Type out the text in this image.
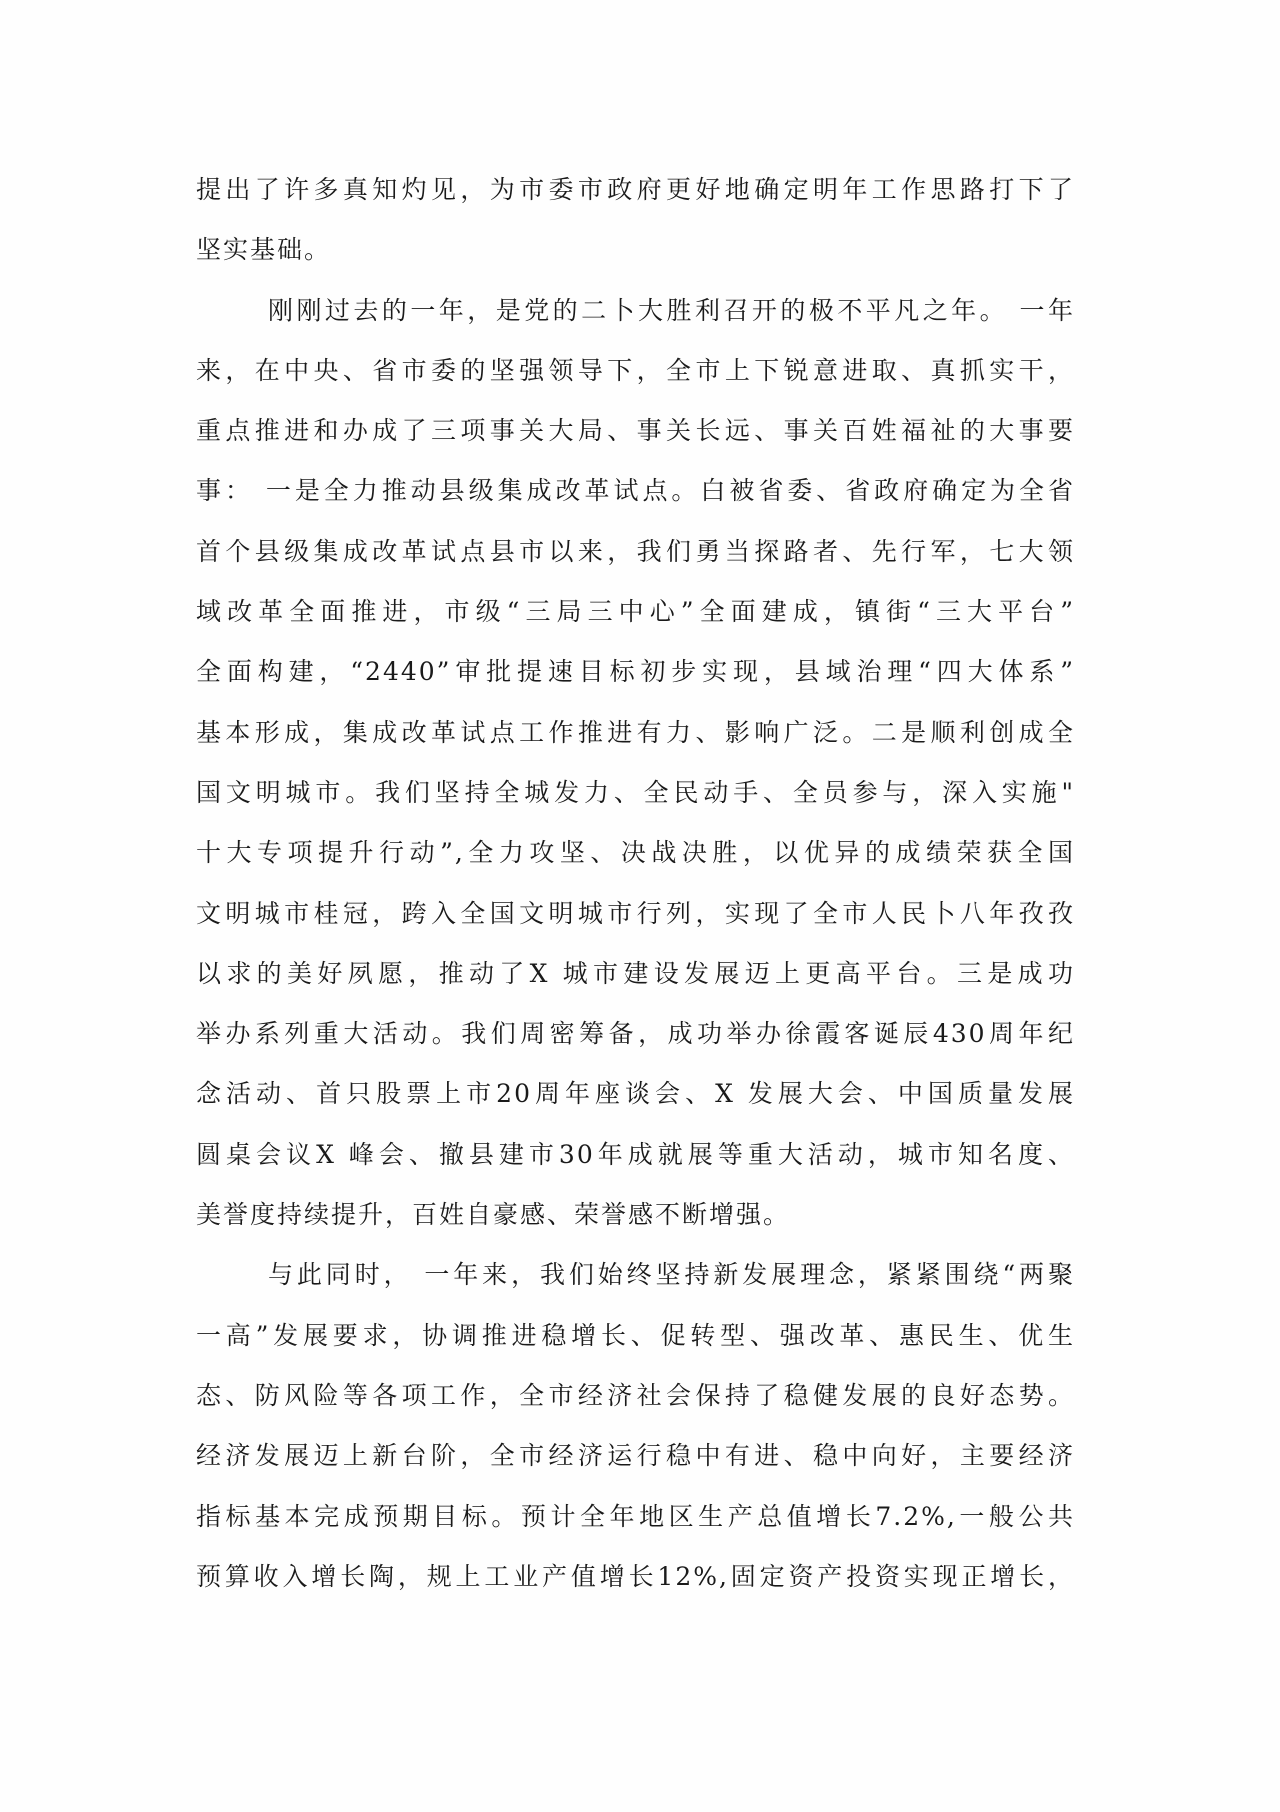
提出了许多真知灼见，为市委市政府更好地确定明年工作思路打下了
坚实基础。
刚刚过去的一年，是党的二卜大胜利召开的极不平凡之年。 一年
来，在中央、省市委的坚强领导下，全市上下锐意进取、真抓实干，
重点推进和办成了三项事关大局、事关长远、事关百姓福祉的大事要
事： 一是全力推动县级集成改革试点。白被省委、省政府确定为全省
首个县级集成改革试点县市以来，我们勇当探路者、先行军，七大领
域改革全面推进，市级“三局三中心”全面建成，镇街“三大平台”
全面构建，“2440”审批提速目标初步实现，县域治理“四大体系”
基本形成，集成改革试点工作推进有力、影响广泛。二是顺利创成全
国文明城市。我们坚持全城发力、全民动手、全员参与，深入实施"
十大专项提升行动”,全力攻坚、决战决胜，以优异的成绩荣获全国
文明城市桂冠，跨入全国文明城市行列，实现了全市人民卜八年孜孜
以求的美好夙愿，推动了X 城市建设发展迈上更高平台。三是成功
举办系列重大活动。我们周密筹备，成功举办徐霞客诞辰430周年纪
念活动、首只股票上市20周年座谈会、X 发展大会、中国质量发展
圆桌会议X 峰会、撤县建市30年成就展等重大活动，城市知名度、
美誉度持续提升，百姓自豪感、荣誉感不断增强。
与此同时， 一年来，我们始终坚持新发展理念，紧紧围绕“两聚
一高”发展要求，协调推进稳增长、促转型、强改革、惠民生、优生
态、防风险等各项工作，全市经济社会保持了稳健发展的良好态势。
经济发展迈上新台阶，全市经济运行稳中有进、稳中向好，主要经济
指标基本完成预期目标。预计全年地区生产总值增长7.2%,一般公共
预算收入增长陶，规上工业产值增长12%,固定资产投资实现正增长，
